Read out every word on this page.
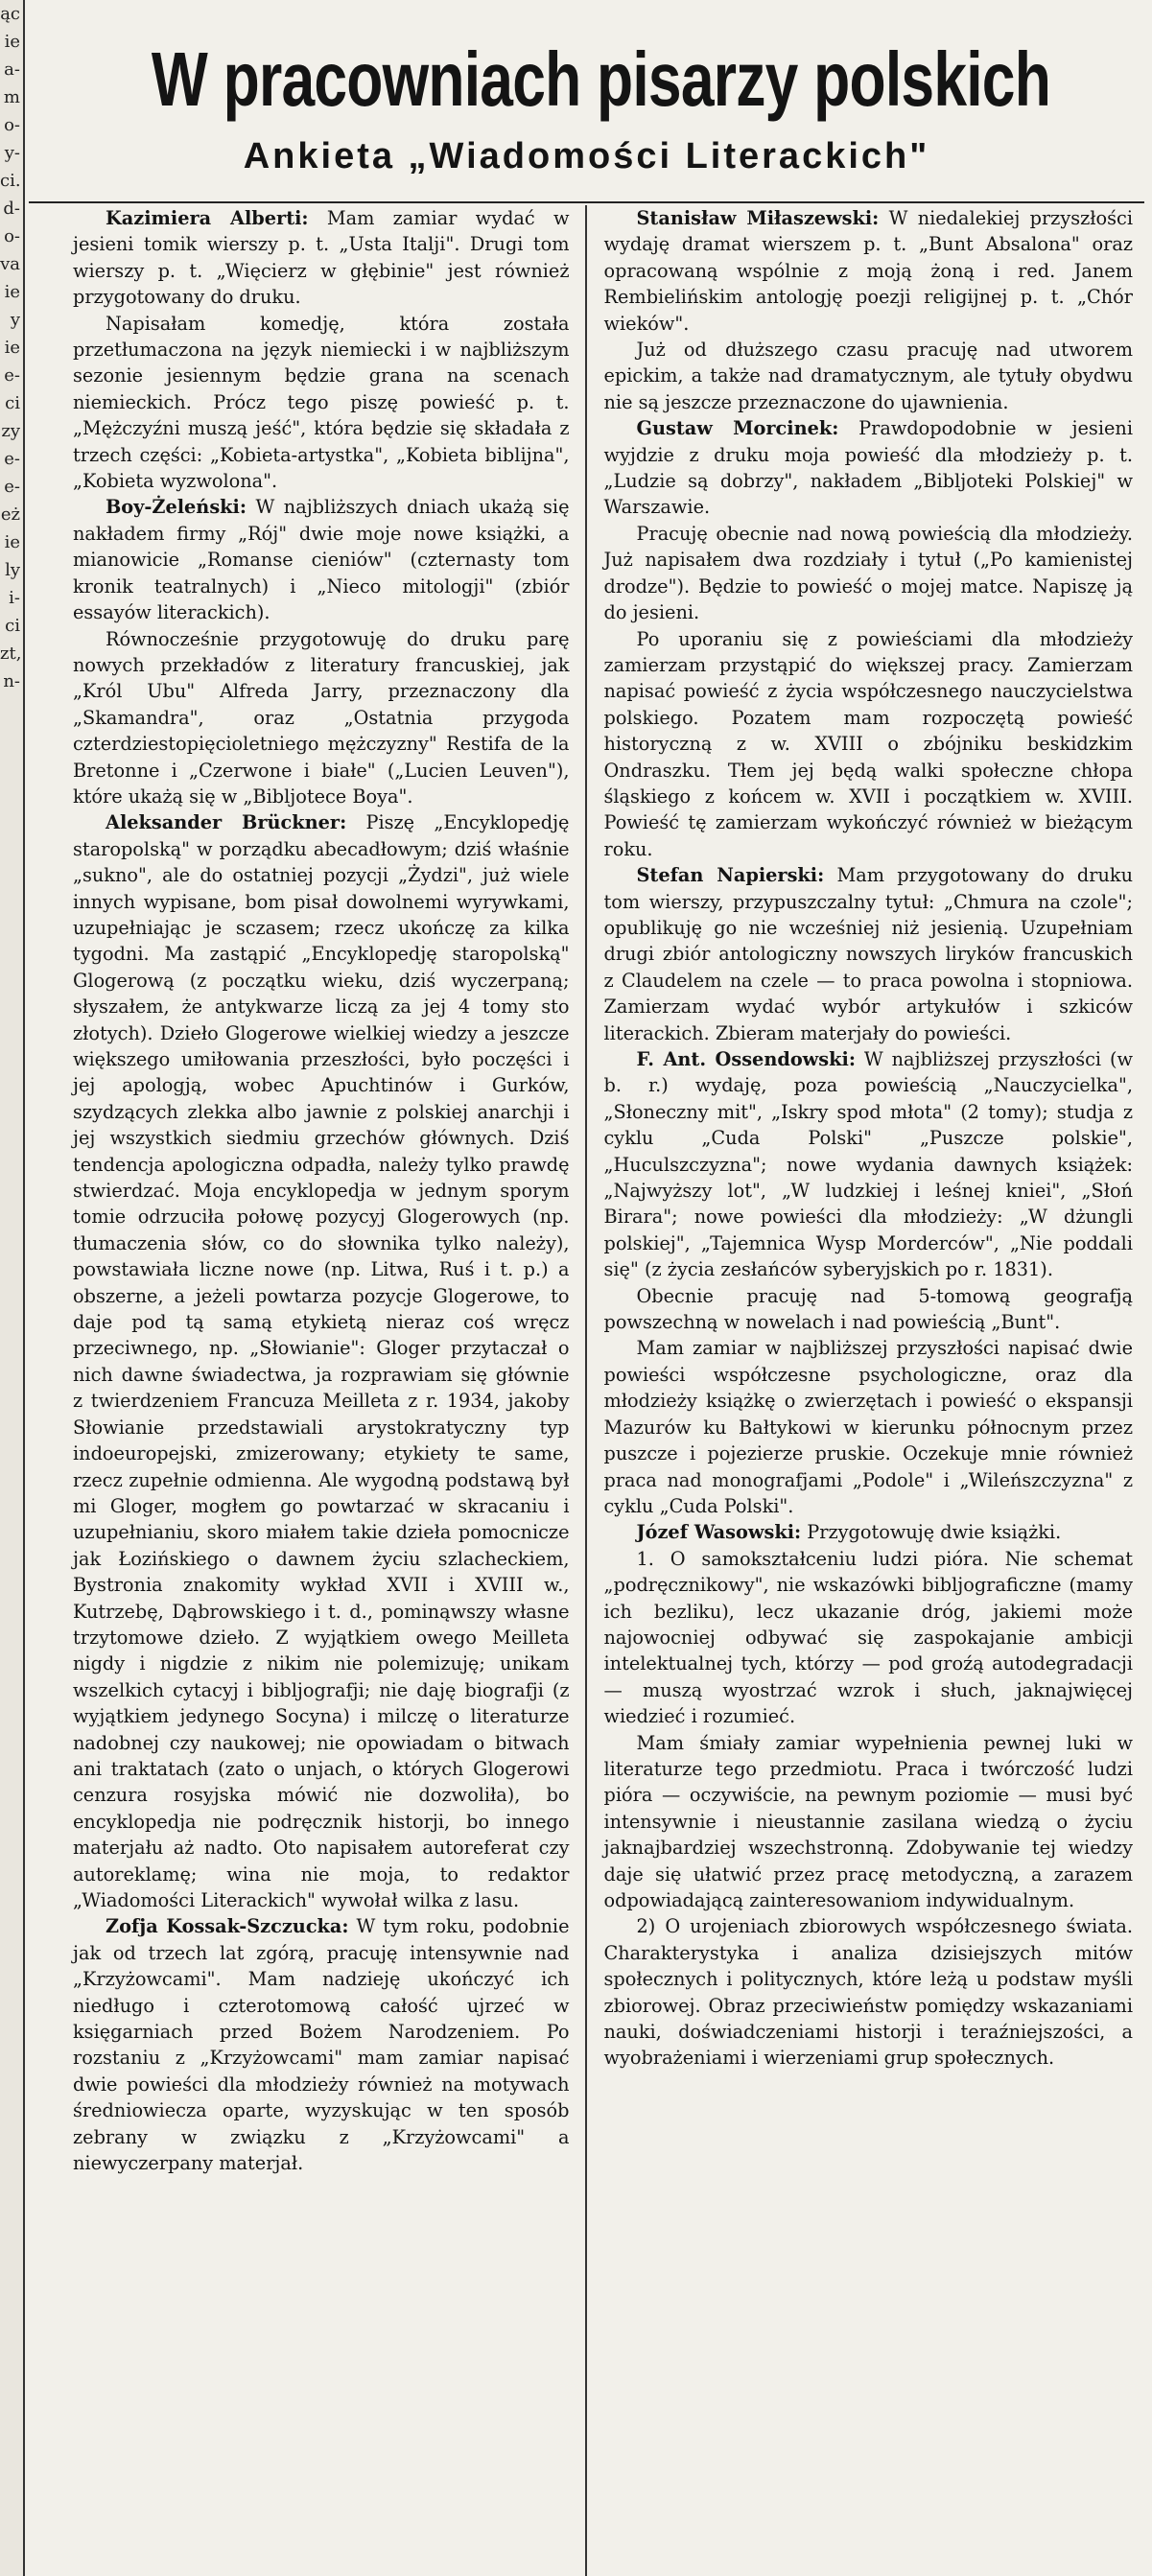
ąc

ie

a-

m

o-

y-

ci.

d-

o-

va

ie

y

ie

e-

ci

zy

e-

e-

eż

ie

ly

i-

ci

zt,

n-

W pracowniach pisarzy polskich
Ankieta „Wiadomości Literackich"

Kazimiera Alberti: Mam zamiar wydać w jesieni tomik wierszy p. t. „Usta Italji". Drugi tom wierszy p. t. „Więcierz w głębinie" jest również przygotowany do druku.

Napisałam komedję, która została przetłumaczona na język niemiecki i w najbliższym sezonie jesiennym będzie grana na scenach niemieckich. Prócz tego piszę powieść p. t. „Mężczyźni muszą jeść", która będzie się składała z trzech części: „Kobieta-artystka", „Kobieta biblijna", „Kobieta wyzwolona".

Boy-Żeleński: W najbliższych dniach ukażą się nakładem firmy „Rój" dwie moje nowe książki, a mianowicie „Romanse cieniów" (czternasty tom kronik teatralnych) i „Nieco mitologji" (zbiór essayów literackich).

Równocześnie przygotowuję do druku parę nowych przekładów z literatury francuskiej, jak „Król Ubu" Alfreda Jarry, przeznaczony dla „Skamandra", oraz „Ostatnia przygoda czterdziestopięcioletniego mężczyzny" Restifa de la Bretonne i „Czerwone i białe" („Lucien Leuven"), które ukażą się w „Bibljotece Boya".

Aleksander Brückner: Piszę „Encyklopedję staropolską" w porządku abecadłowym; dziś właśnie „sukno", ale do ostatniej pozycji „Żydzi", już wiele innych wypisane, bom pisał dowolnemi wyrywkami, uzupełniając je sczasem; rzecz ukończę za kilka tygodni. Ma zastąpić „Encyklopedję staropolską" Glogerową (z początku wieku, dziś wyczerpaną; słyszałem, że antykwarze liczą za jej 4 tomy sto złotych). Dzieło Glogerowe wielkiej wiedzy a jeszcze większego umiłowania przeszłości, było poczęści i jej apologją, wobec Apuchtinów i Gurków, szydzących zlekka albo jawnie z polskiej anarchji i jej wszystkich siedmiu grzechów głównych. Dziś tendencja apologiczna odpadła, należy tylko prawdę stwierdzać. Moja encyklopedja w jednym sporym tomie odrzuciła połowę pozycyj Glogerowych (np. tłumaczenia słów, co do słownika tylko należy), powstawiała liczne nowe (np. Litwa, Ruś i t. p.) a obszerne, a jeżeli powtarza pozycje Glogerowe, to daje pod tą samą etykietą nieraz coś wręcz przeciwnego, np. „Słowianie": Gloger przytaczał o nich dawne świadectwa, ja rozprawiam się głównie z twierdzeniem Francuza Meilleta z r. 1934, jakoby Słowianie przedstawiali arystokratyczny typ indoeuropejski, zmizerowany; etykiety te same, rzecz zupełnie odmienna. Ale wygodną podstawą był mi Gloger, mogłem go powtarzać w skracaniu i uzupełnianiu, skoro miałem takie dzieła pomocnicze jak Łozińskiego o dawnem życiu szlacheckiem, Bystronia znakomity wykład XVII i XVIII w., Kutrzebę, Dąbrowskiego i t. d., pominąwszy własne trzytomowe dzieło. Z wyjątkiem owego Meilleta nigdy i nigdzie z nikim nie polemizuję; unikam wszelkich cytacyj i bibljografji; nie daję biografji (z wyjątkiem jedynego Socyna) i milczę o literaturze nadobnej czy naukowej; nie opowiadam o bitwach ani traktatach (zato o unjach, o których Glogerowi cenzura rosyjska mówić nie dozwoliła), bo encyklopedja nie podręcznik historji, bo innego materjału aż nadto. Oto napisałem autoreferat czy autoreklamę; wina nie moja, to redaktor „Wiadomości Literackich" wywołał wilka z lasu.

Zofja Kossak-Szczucka: W tym roku, podobnie jak od trzech lat zgórą, pracuję intensywnie nad „Krzyżowcami". Mam nadzieję ukończyć ich niedługo i czterotomową całość ujrzeć w księgarniach przed Bożem Narodzeniem. Po rozstaniu z „Krzyżowcami" mam zamiar napisać dwie powieści dla młodzieży również na motywach średniowiecza oparte, wyzyskując w ten sposób zebrany w związku z „Krzyżowcami" a niewyczerpany materjał.

Stanisław Miłaszewski: W niedalekiej przyszłości wydaję dramat wierszem p. t. „Bunt Absalona" oraz opracowaną wspólnie z moją żoną i red. Janem Rembielińskim antologję poezji religijnej p. t. „Chór wieków".

Już od dłuższego czasu pracuję nad utworem epickim, a także nad dramatycznym, ale tytuły obydwu nie są jeszcze przeznaczone do ujawnienia.

Gustaw Morcinek: Prawdopodobnie w jesieni wyjdzie z druku moja powieść dla młodzieży p. t. „Ludzie są dobrzy", nakładem „Bibljoteki Polskiej" w Warszawie.

Pracuję obecnie nad nową powieścią dla młodzieży. Już napisałem dwa rozdziały i tytuł („Po kamienistej drodze"). Będzie to powieść o mojej matce. Napiszę ją do jesieni.

Po uporaniu się z powieściami dla młodzieży zamierzam przystąpić do większej pracy. Zamierzam napisać powieść z życia współczesnego nauczycielstwa polskiego. Pozatem mam rozpoczętą powieść historyczną z w. XVIII o zbójniku beskidzkim Ondraszku. Tłem jej będą walki społeczne chłopa śląskiego z końcem w. XVII i początkiem w. XVIII. Powieść tę zamierzam wykończyć również w bieżącym roku.

Stefan Napierski: Mam przygotowany do druku tom wierszy, przypuszczalny tytuł: „Chmura na czole"; opublikuję go nie wcześniej niż jesienią. Uzupełniam drugi zbiór antologiczny nowszych liryków francuskich z Claudelem na czele — to praca powolna i stopniowa. Zamierzam wydać wybór artykułów i szkiców literackich. Zbieram materjały do powieści.

F. Ant. Ossendowski: W najbliższej przyszłości (w b. r.) wydaję, poza powieścią „Nauczycielka", „Słoneczny mit", „Iskry spod młota" (2 tomy); studja z cyklu „Cuda Polski" „Puszcze polskie", „Huculszczyzna"; nowe wydania dawnych książek: „Najwyższy lot", „W ludzkiej i leśnej kniei", „Słoń Birara"; nowe powieści dla młodzieży: „W dżungli polskiej", „Tajemnica Wysp Morderców", „Nie poddali się" (z życia zesłańców syberyjskich po r. 1831).

Obecnie pracuję nad 5-tomową geografją powszechną w nowelach i nad powieścią „Bunt".

Mam zamiar w najbliższej przyszłości napisać dwie powieści współczesne psychologiczne, oraz dla młodzieży książkę o zwierzętach i powieść o ekspansji Mazurów ku Bałtykowi w kierunku północnym przez puszcze i pojezierze pruskie. Oczekuje mnie również praca nad monografjami „Podole" i „Wileńszczyzna" z cyklu „Cuda Polski".

Józef Wasowski: Przygotowuję dwie książki.

1. O samokształceniu ludzi pióra. Nie schemat „podręcznikowy", nie wskazówki bibljograficzne (mamy ich bezliku), lecz ukazanie dróg, jakiemi może najowocniej odbywać się zaspokajanie ambicji intelektualnej tych, którzy — pod groźą autodegradacji — muszą wyostrzać wzrok i słuch, jaknajwięcej wiedzieć i rozumieć.

Mam śmiały zamiar wypełnienia pewnej luki w literaturze tego przedmiotu. Praca i twórczość ludzi pióra — oczywiście, na pewnym poziomie — musi być intensywnie i nieustannie zasilana wiedzą o życiu jaknajbardziej wszechstronną. Zdobywanie tej wiedzy daje się ułatwić przez pracę metodyczną, a zarazem odpowiadającą zainteresowaniom indywidualnym.

2) O urojeniach zbiorowych współczesnego świata. Charakterystyka i analiza dzisiejszych mitów społecznych i politycznych, które leżą u podstaw myśli zbiorowej. Obraz przeciwieństw pomiędzy wskazaniami nauki, doświadczeniami historji i teraźniejszości, a wyobrażeniami i wierzeniami grup społecznych.
